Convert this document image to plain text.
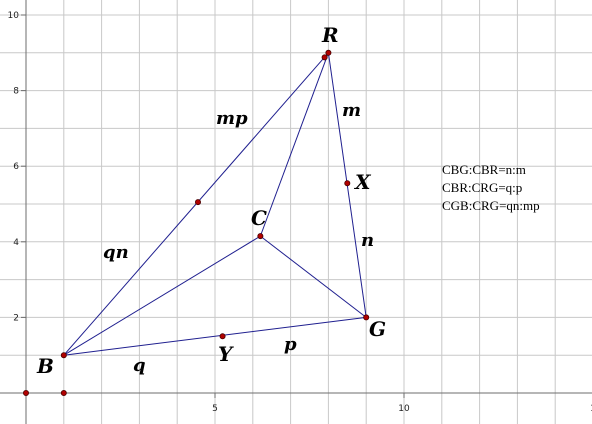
5	10
2
4
6
8
10
R
B
G
C
X
Y
mp	m
n
qn
q
p
CBG:CBR=n:m
CBR:CRG=q:p
CGB:CRG=qn:mp
